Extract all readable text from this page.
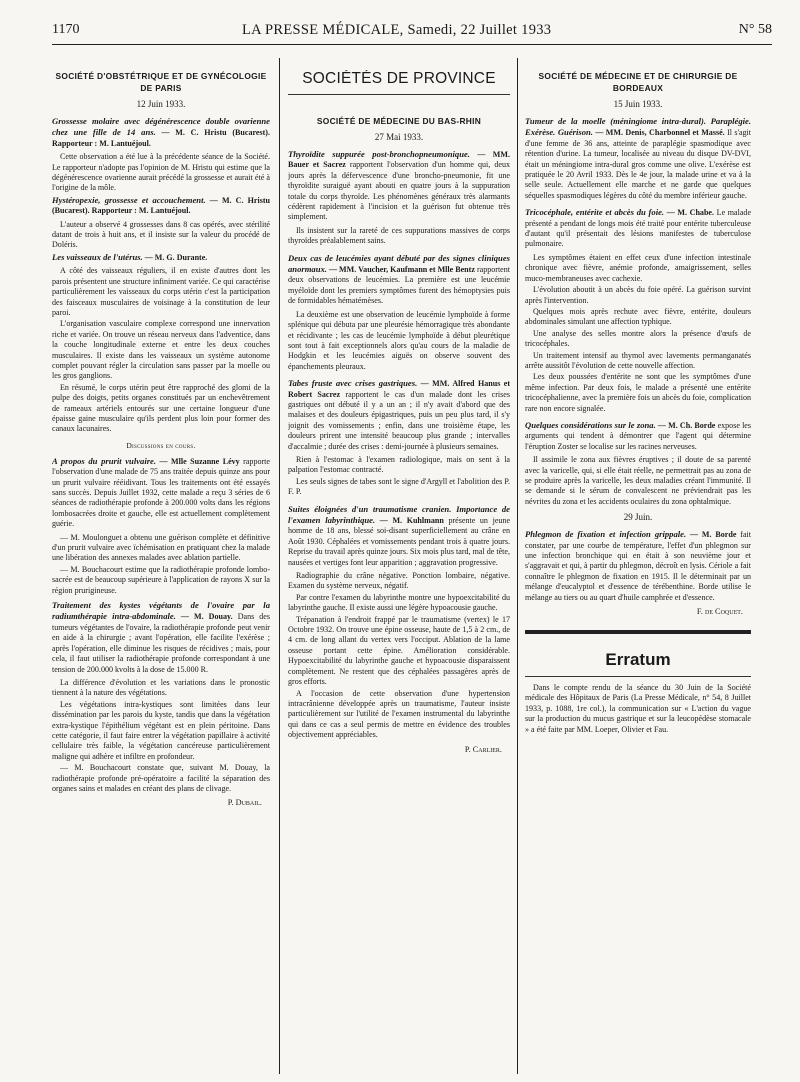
1170	LA PRESSE MÉDICALE, Samedi, 22 Juillet 1933	N° 58
SOCIÉTÉ D'OBSTÉTRIQUE ET DE GYNÉCOLOGIE DE PARIS
12 Juin 1933.
Grossesse molaire avec dégénérescence double ovarienne chez une fille de 14 ans. — M. C. Hristu (Bucarest). Rapporteur : M. Lantuéjoul.

Cette observation a été lue à la précédente séance de la Société. Le rapporteur n'adopte pas l'opinion de M. Hristu qui estime que la dégénérescence ovarienne aurait précédé la grossesse et aurait été à l'origine de la môle.

Hystéropexie, grossesse et accouchement. — M. C. Hristu (Bucarest). Rapporteur : M. Lantuéjoul.

L'auteur a observé 4 grossesses dans 8 cas opérés, avec stérilité datant de trois à huit ans, et il insiste sur la valeur du procédé de Doléris.

Les vaisseaux de l'utérus. — M. G. Durante.

A côté des vaisseaux réguliers, il en existe d'autres dont les parois présentent une structure infiniment variée. Ce qui caractérise particulièrement les vaisseaux du corps utérin c'est la participation des faisceaux musculaires de voisinage à la constitution de leur paroi.

L'organisation vasculaire complexe correspond une innervation riche et variée. On trouve un réseau nerveux dans l'adventice, dans la couche longitudinale externe et entre les deux couches musculaires. Il existe dans les vaisseaux un système autonome complet pouvant régler la circulation sans passer par la moelle ou les gros ganglions.

En résumé, le corps utérin peut être rapproché des glomi de la pulpe des doigts, petits organes constitués par un enchevêtrement de rameaux artériels entourés sur une certaine longueur d'une épaisse gaine musculaire qu'ils perdent plus loin pour former des canaux lacunaires.

Discussions en cours.
A propos du prurit vulvaire. — Mlle Suzanne Lévy rapporte l'observation d'une malade de 75 ans traitée depuis quinze ans pour un prurit vulvaire rééidivant. Tous les traitements ont été essayés sans succès. Depuis Juillet 1932, cette malade a reçu 3 séries de 6 séances de radiothérapie profonde à 200.000 volts dans les régions lombosacrées droite et gauche, elle est actuellement complètement guérie.

— M. Moulonguet a obtenu une guérison complète et définitive d'un prurit vulvaire avec ïchémisation en pratiquant chez la malade une libération des annexes malades avec ablation partielle.

— M. Bouchacourt estime que la radiothérapie profonde lombo-sacrée est de beaucoup supérieure à l'application de rayons X sur la région prurigineuse.

Traitement des kystes végétants de l'ovaire par la radiumthérapie intra-abdominale. — M. Douay. Dans des tumeurs végétantes de l'ovaire, la radiothérapie profonde peut venir en aide à la chirurgie ; avant l'opération, elle facilite l'exérèse ; après l'opération, elle diminue les risques de récidives ; mais, pour cela, il faut utiliser la radiothérapie profonde correspondant à une tension de 200.000 kvolts à la dose de 15.000 R.

La différence d'évolution et les variations dans le pronostic tiennent à la nature des végétations.

Les végétations intra-kystiques sont limitées dans leur dissémination par les parois du kyste, tandis que dans la végétation extra-kystique l'épithélium végétant est en plein péritoine. Dans cette catégorie, il faut faire entrer la végétation papillaire à activité cellulaire très faible, la végétation cancéreuse particulièrement maligne qui adhère et infiltre en profondeur.

— M. Bouchacourt constate que, suivant M. Douay, la radiothérapie profonde pré-opératoire a facilité la séparation des organes sains et malades en créant des plans de clivage.

P. Dubail.
SOCIÉTÉS DE PROVINCE
SOCIÉTÉ DE MÉDECINE DU BAS-RHIN
27 Mai 1933.
Thyroïdite suppurée post-bronchopneumonique. — MM. Bauer et Sacrez rapportent l'observation d'un homme qui, deux jours après la défervescence d'une broncho-pneumonie, fit une thyroïdite suraiguë ayant abouti en quatre jours à la suppuration totale du corps thyroïde. Les phénomènes généraux très alarmants cédèrent rapidement à l'incision et la guérison fut obtenue très simplement.

Ils insistent sur la rareté de ces suppurations massives de corps thyroïdes préalablement sains.

Deux cas de leucémies ayant débuté par des signes cliniques anormaux. — MM. Vaucher, Kaufmann et Mlle Bentz rapportent deux observations de leucémies. La première est une leucémie myéloïde dont les premiers symptômes furent des hémoptysies puis de formidables hématémèses.

La deuxième est une observation de leucémie lymphoïde à forme splénique qui débuta par une pleurésie hémorragique très abondante et récidivante ; les cas de leucémie lymphoïde à début pleurétique sont tout à fait exceptionnels alors qu'au cours de la maladie de Hodgkin et les leucémies aiguës on observe souvent des épanchements pleuraux.

Tabes fruste avec crises gastriques. — MM. Alfred Hanus et Robert Sacrez rapportent le cas d'un malade dont les crises gastriques ont débuté il y a un an ; il n'y avait d'abord que des malaises et des douleurs épigastriques, puis un peu plus tard, il s'y joignit des vomissements ; enfin, dans une troisième étape, les douleurs prirent une intensité beaucoup plus grande ; intervalles d'accalmie ; durée des crises : demi-journée à plusieurs semaines.

Rien à l'estomac à l'examen radiologique, mais on sent à la palpation l'estomac contracté.

Les seuls signes de tabes sont le signe d'Argyll et l'abolition des P. F. P.

Suites éloignées d'un traumatisme cranien. Importance de l'examen labyrinthique. — M. Kuhlmann présente un jeune homme de 18 ans, blessé soi-disant superficiellement au crâne en Août 1930. Céphalées et vomissements pendant trois à quatre jours. Reprise du travail après quinze jours. Six mois plus tard, mal de tête, nausées et vertiges font leur apparition ; aggravation progressive.

Radiographie du crâne négative. Ponction lombaire, négative. Examen du système nerveux, négatif.

Par contre l'examen du labyrinthe montre une hypoexcitabilité du labyrinthe gauche. Il existe aussi une légère hypoacousie gauche.

Trépanation à l'endroit frappé par le traumatisme (vertex) le 17 Octobre 1932. On trouve une épine osseuse, haute de 1,5 à 2 cm., de 4 cm. de long allant du vertex vers l'occiput. Ablation de la lame osseuse portant cette épine. Amélioration considérable. Hypoexcitabilité du labyrinthe gauche et hypoacousie disparaissent complètement. Ne restent que des céphalées passagères après de gros efforts.

A l'occasion de cette observation d'une hypertension intracrânienne développée après un traumatisme, l'auteur insiste particulièrement sur l'utilité de l'examen instrumental du labyrinthe qui dans ce cas a seul permis de mettre en évidence des troubles objectivement appréciables.

P. Carlier.
SOCIÉTÉ DE MÉDECINE ET DE CHIRURGIE DE BORDEAUX
15 Juin 1933.
Tumeur de la moelle (méningiome intra-dural). Paraplégie. Exérèse. Guérison. — MM. Denis, Charbonnel et Massé. Il s'agit d'une femme de 36 ans, atteinte de paraplégie spasmodique avec rétention d'urine. La tumeur, localisée au niveau du disque DV-DVI, était un méningiome intra-dural gros comme une olive. L'exérèse est pratiquée le 20 Avril 1933. Dès le 4e jour, la malade urine et va à la selle seule. Actuellement elle marche et ne garde que quelques séquelles spasmodiques légères du côté du membre inférieur gauche.
Tricocéphale, entérite et abcès du foie. — M. Chabe. Le malade présenté a pendant de longs mois été traité pour entérite tuberculeuse d'autant qu'il présentait des lésions manifestes de tuberculose pulmonaire.

Les symptômes étaient en effet ceux d'une infection intestinale chronique avec fièvre, anémie profonde, amaigrissement, selles muco-membraneuses avec cachexie.

L'évolution aboutit à un abcès du foie opéré. La guérison survint après l'intervention.

Quelques mois après rechute avec fièvre, entérite, douleurs abdominales simulant une affection typhique.

Une analyse des selles montre alors la présence d'œufs de tricocéphales.

Un traitement intensif au thymol avec lavements permanganatés arrête aussitôt l'évolution de cette nouvelle affection.

Les deux poussées d'entérite ne sont que les symptômes d'une même infection. Par deux fois, le malade a présenté une entérite tricocéphalienne, avec la première fois un abcès du foie, complication rare non encore signalée.

Quelques considérations sur le zona. — M. Ch. Borde expose les arguments qui tendent à démontrer que l'agent qui détermine l'éruption Zoster se localise sur les racines nerveuses.

Il assimile le zona aux fièvres éruptives ; il doute de sa parenté avec la varicelle, qui, si elle était réelle, ne permettrait pas au zona de se produire après la varicelle, les deux maladies créant l'immunité. Il se demande si le sérum de convalescent ne préviendrait pas les névrites du zona et les accidents oculaires du zona ophtalmique.

29 Juin.
Phlegmon de fixation et infection grippale. — M. Borde fait constater, par une courbe de température, l'effet d'un phlegmon sur une infection bronchique qui en était à son neuvième jour et s'aggravait et qui, à partir du phlegmon, décroît en lysis. Cériole a fait connaître le phlegmon de fixation en 1915. Il le déterminait par un mélange d'eucalyptol et d'essence de térébenthine. Borde utilise le mélange au tiers ou au quart d'huile camphrée et d'essence.
F. de Coquet.
Erratum

Dans le compte rendu de la séance du 30 Juin de la Société médicale des Hôpitaux de Paris (La Presse Médicale, n° 54, 8 Juillet 1933, p. 1088, 1re col.), la communication sur « L'action du vague sur la production du mucus gastrique et sur la leucopédèse stomacale » a été faite par MM. Loeper, Olivier et Fau.
